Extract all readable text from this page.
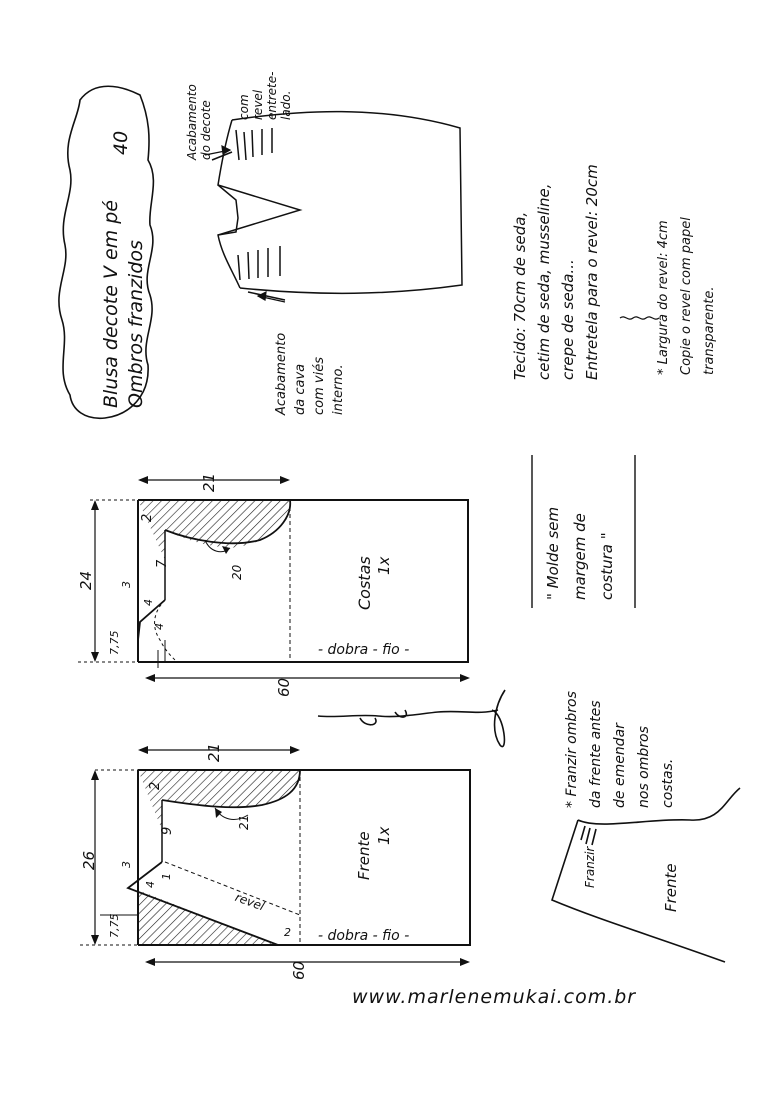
Blusa decote V em pé Ombros franzidos
40	Acabamento do decote com revel entrete- lado.
Acabamento da cava com viés interno.
Tecido: 70cm de seda, cetim de seda, musseline, crepe de seda... Entretela para o revel: 20cm	* Largura do revel: 4cm Copie o revel com papel transparente.
" Molde sem margem de costura "
* Franzir ombros da frente antes de emendar nos ombros costas.
Costas 1x
21
60
24
2
7
20
3
7,75
4
4
- dobra - fio -
Frente 1x
21
60
26
2
9
21
3
7,75
4
1
revel
2 - dobra - fio -
Franzir	Frente
www.marlenemukai.com.br
